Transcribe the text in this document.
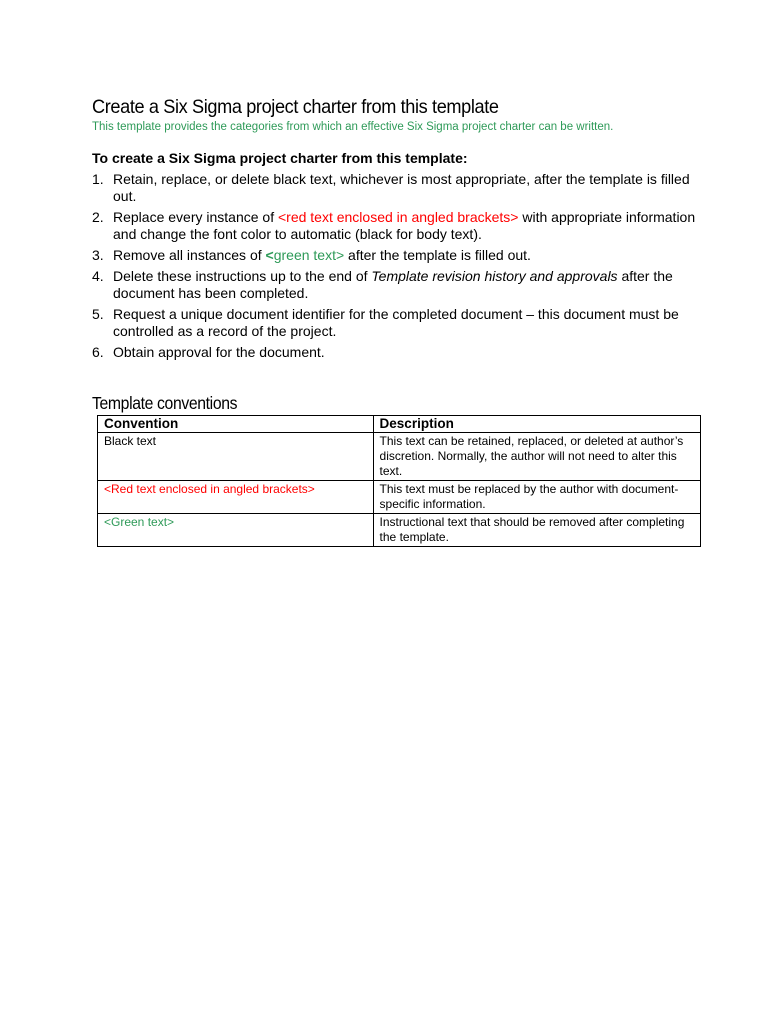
Create a Six Sigma project charter from this template
This template provides the categories from which an effective Six Sigma project charter can be written.
To create a Six Sigma project charter from this template:
1. Retain, replace, or delete black text, whichever is most appropriate, after the template is filled out.
2. Replace every instance of <red text enclosed in angled brackets> with appropriate information and change the font color to automatic (black for body text).
3. Remove all instances of <green text> after the template is filled out.
4. Delete these instructions up to the end of Template revision history and approvals after the document has been completed.
5. Request a unique document identifier for the completed document – this document must be controlled as a record of the project.
6. Obtain approval for the document.
Template conventions
Convention	Description
Black text	This text can be retained, replaced, or deleted at author’s discretion. Normally, the author will not need to alter this text.
<Red text enclosed in angled brackets>	This text must be replaced by the author with document-specific information.
<Green text>	Instructional text that should be removed after completing the template.
